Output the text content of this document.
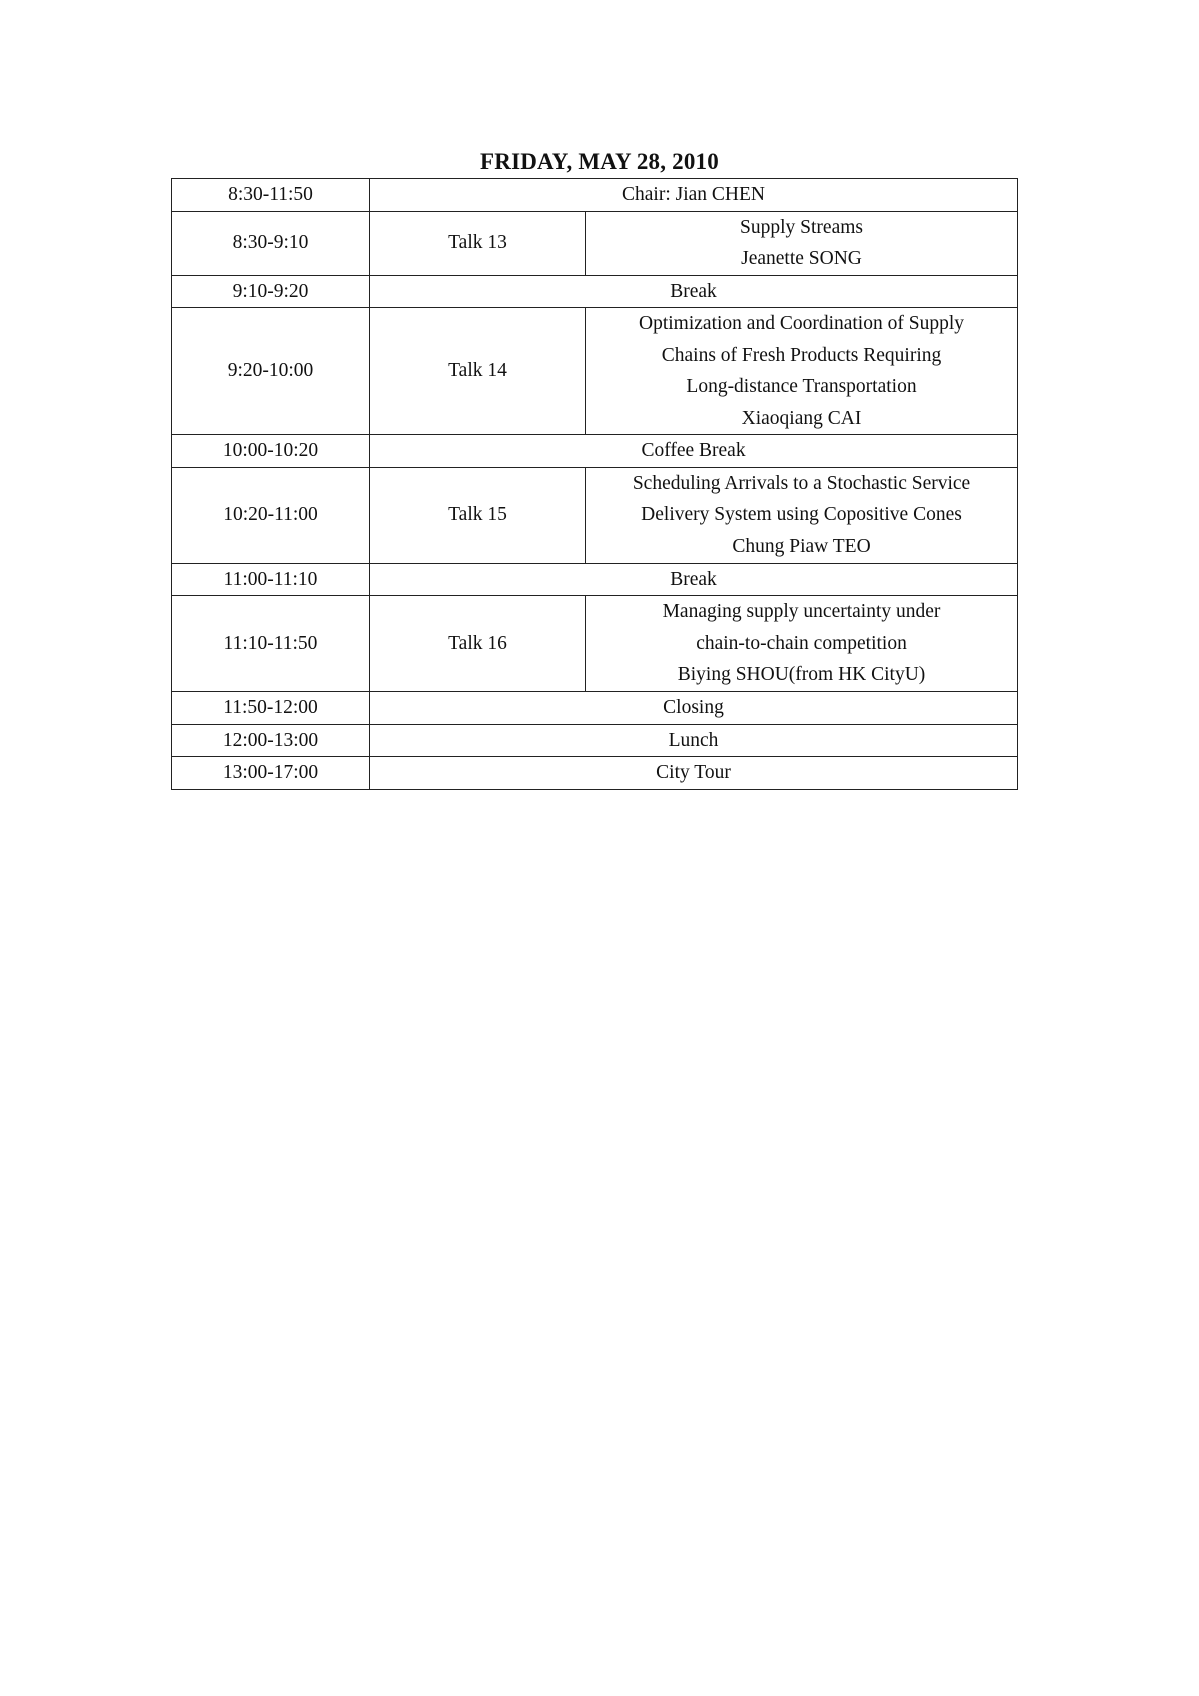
FRIDAY, MAY 28, 2010
8:30-11:50	Chair: Jian CHEN	
8:30-9:10	Talk 13	Supply Streams
Jeanette SONG

9:10-9:20	Break	
9:20-10:00	Talk 14	Optimization and Coordination of Supply
Chains of Fresh Products Requiring
Long-distance Transportation
Xiaoqiang CAI

10:00-10:20	Coffee Break	
10:20-11:00	Talk 15	Scheduling Arrivals to a Stochastic Service
Delivery System using Copositive Cones
Chung Piaw TEO

11:00-11:10	Break	
11:10-11:50	Talk 16	Managing supply uncertainty under
chain-to-chain competition
Biying SHOU(from HK CityU)

11:50-12:00	Closing	
12:00-13:00	Lunch	
13:00-17:00	City Tour	
